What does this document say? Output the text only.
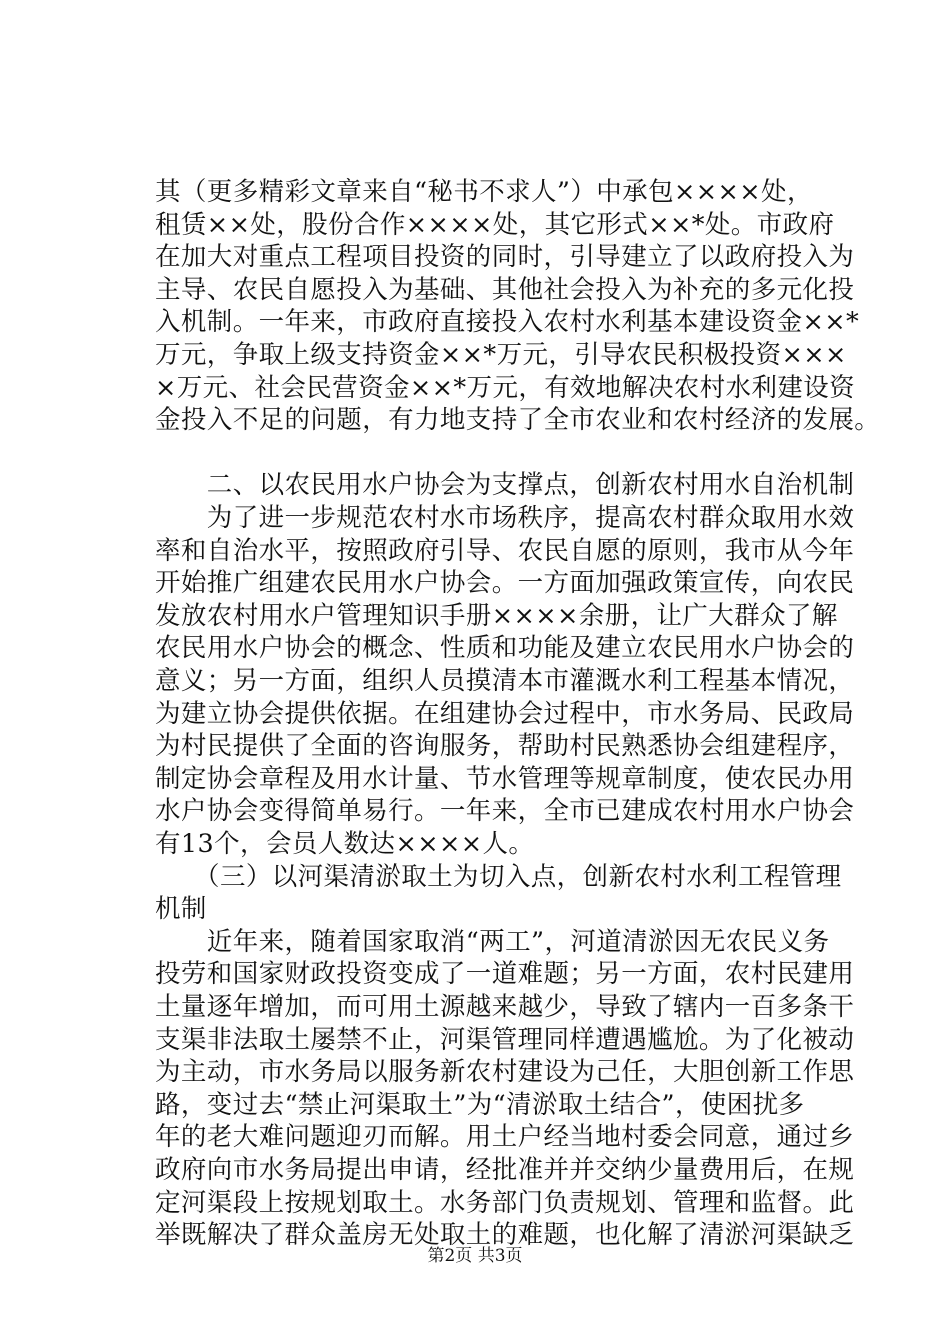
其（更多精彩文章来自“秘书不求人”）中承包××××处，
租赁××处，股份合作××××处，其它形式××*处。市政府
在加大对重点工程项目投资的同时，引导建立了以政府投入为
主导、农民自愿投入为基础、其他社会投入为补充的多元化投
入机制。一年来，市政府直接投入农村水利基本建设资金××*
万元，争取上级支持资金××*万元，引导农民积极投资×××
×万元、社会民营资金××*万元，有效地解决农村水利建设资
金投入不足的问题，有力地支持了全市农业和农村经济的发展。
　　二、以农民用水户协会为支撑点，创新农村用水自治机制
　　为了进一步规范农村水市场秩序，提高农村群众取用水效
率和自治水平，按照政府引导、农民自愿的原则，我市从今年
开始推广组建农民用水户协会。一方面加强政策宣传，向农民
发放农村用水户管理知识手册××××余册，让广大群众了解
农民用水户协会的概念、性质和功能及建立农民用水户协会的
意义；另一方面，组织人员摸清本市灌溉水利工程基本情况，
为建立协会提供依据。在组建协会过程中，市水务局、民政局
为村民提供了全面的咨询服务，帮助村民熟悉协会组建程序，
制定协会章程及用水计量、节水管理等规章制度，使农民办用
水户协会变得简单易行。一年来，全市已建成农村用水户协会
有13个，会员人数达××××人。
　　（三）以河渠清淤取土为切入点，创新农村水利工程管理
机制
　　近年来，随着国家取消“两工”，河道清淤因无农民义务
投劳和国家财政投资变成了一道难题；另一方面，农村民建用
土量逐年增加，而可用土源越来越少，导致了辖内一百多条干
支渠非法取土屡禁不止，河渠管理同样遭遇尴尬。为了化被动
为主动，市水务局以服务新农村建设为己任，大胆创新工作思
路，变过去“禁止河渠取土”为“清淤取土结合”，使困扰多
年的老大难问题迎刃而解。用土户经当地村委会同意，通过乡
政府向市水务局提出申请，经批准并并交纳少量费用后，在规
定河渠段上按规划取土。水务部门负责规划、管理和监督。此
举既解决了群众盖房无处取土的难题，也化解了清淤河渠缺乏
第2页 共3页
